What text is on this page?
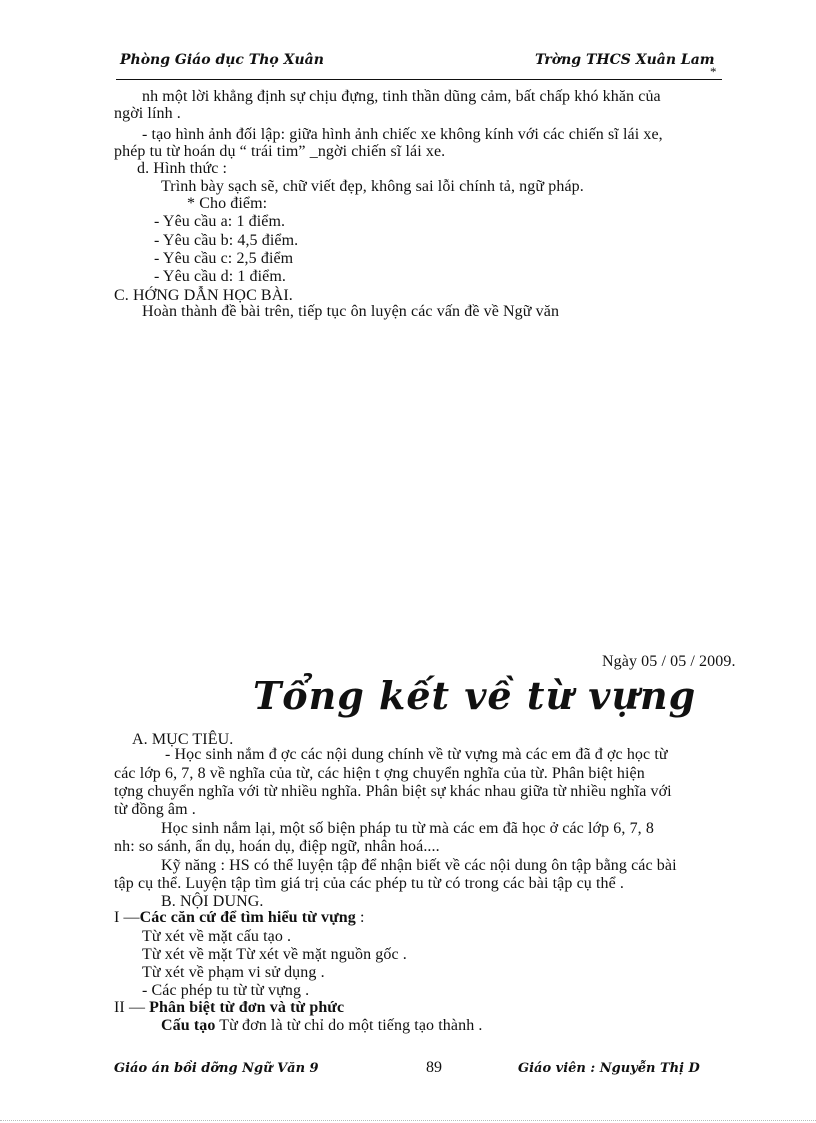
Phòng Giáo dục Thọ Xuân	Trờng THCS Xuân Lam
*
nh một lời khẳng định sự chịu đựng, tinh thần dũng cảm, bất chấp khó khăn của
ngời lính .
- tạo hình ảnh đối lập: giữa hình ảnh chiếc xe không kính với các chiến sĩ lái xe,
phép tu từ hoán dụ “ trái tim” _ngời chiến sĩ lái xe.
d. Hình thức :
Trình bày sạch sẽ, chữ viết đẹp, không sai lỗi chính tả, ngữ pháp.
* Cho điểm:
- Yêu cầu a: 1 điểm.
- Yêu cầu b: 4,5 điểm.
- Yêu cầu c: 2,5 điểm
- Yêu cầu d: 1 điểm.
C. HỚNG DẪN HỌC BÀI.
Hoàn thành đề bài trên, tiếp tục ôn luyện các vấn đề về Ngữ văn
Ngày 05 / 05 / 2009.
Tổng kết về từ vựng
A. MỤC TIÊU.
- Học sinh nắm đ ợc các nội dung chính về từ vựng mà các em đã đ ợc học từ
các lớp 6, 7, 8 về nghĩa của từ, các hiện t ợng chuyển nghĩa của từ. Phân biệt hiện
tợng chuyển nghĩa với từ nhiều nghĩa. Phân biệt sự khác nhau giữa từ nhiều nghĩa với
từ đồng âm .
Học sinh nắm lại, một số biện pháp tu từ mà các em đã học ở các lớp 6, 7, 8
nh: so sánh, ẩn dụ, hoán dụ, điệp ngữ, nhân hoá....
Kỹ năng : HS có thể luyện tập để nhận biết về các nội dung ôn tập bằng các bài
tập cụ thể. Luyện tập tìm giá trị của các phép tu từ có trong các bài tập cụ thể .
B. NỘI DUNG.
I —Các căn cứ để tìm hiểu từ vựng :
Từ xét về mặt cấu tạo .
Từ xét về mặt Từ xét về mặt nguồn gốc .
Từ xét về phạm vi sử dụng .
- Các phép tu từ từ vựng .
II — Phân biệt từ đơn và từ phức
Cấu tạo Từ đơn là từ chỉ do một tiếng tạo thành .
Giáo án bồi dỡng Ngữ Văn 9	89	Giáo viên : Nguyễn Thị D
